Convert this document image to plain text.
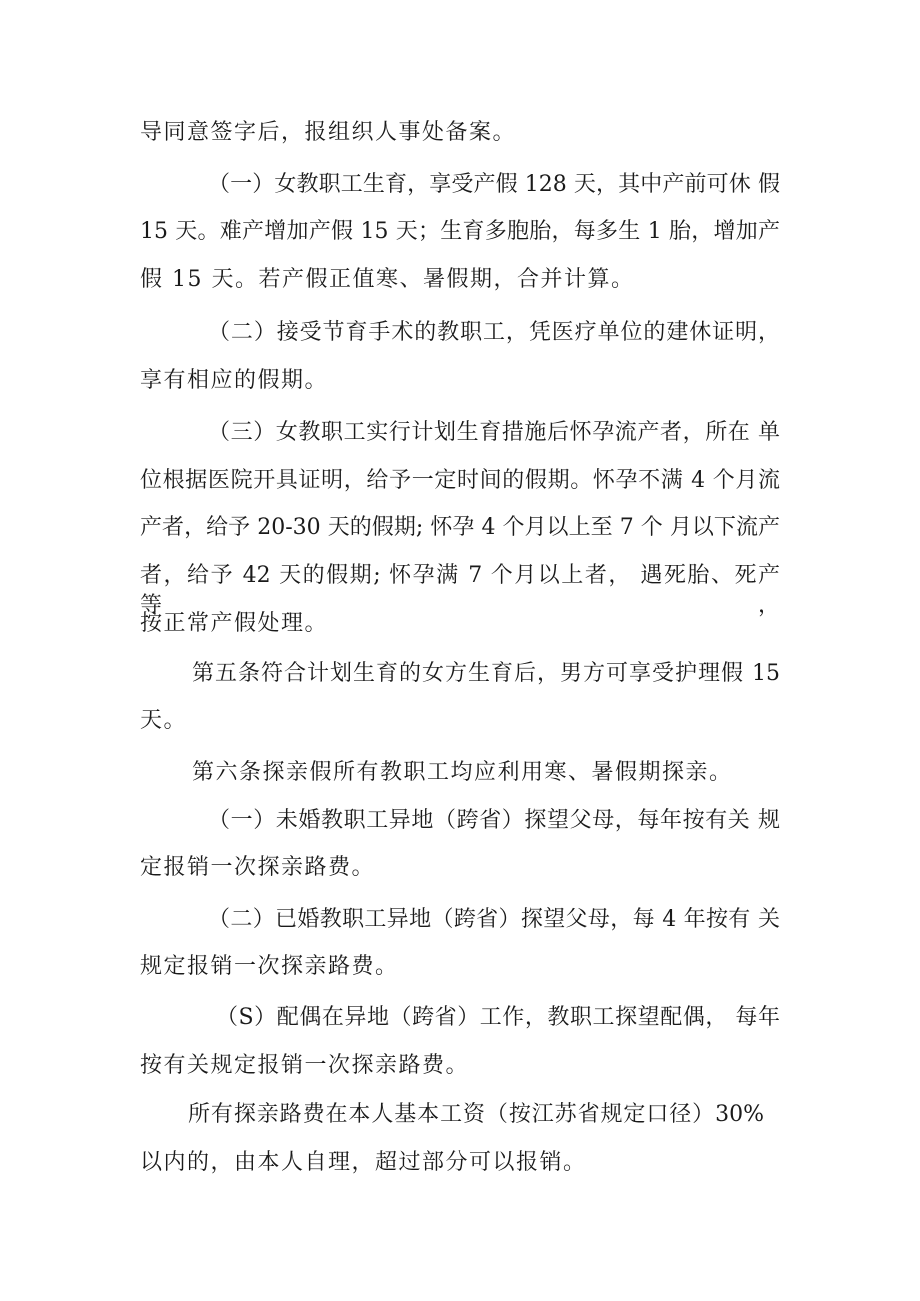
导同意签字后，报组织人事处备案。
（一）女教职工生育，享受产假 128 天，其中产前可休 假
15 天。难产增加产假 15 天；生育多胞胎，每多生 1 胎，增加产
假 15 天。若产假正值寒、暑假期，合并计算。
（二）接受节育手术的教职工，凭医疗单位的建休证明，
享有相应的假期。
（三）女教职工实行计划生育措施后怀孕流产者，所在 单
位根据医院开具证明，给予一定时间的假期。怀孕不满 4 个月流
产者，给予 20-30 天的假期; 怀孕 4 个月以上至 7 个 月以下流产
者，给予 42 天的假期; 怀孕满 7 个月以上者， 遇死胎、死产等，
按正常产假处理。
第五条符合计划生育的女方生育后，男方可享受护理假 15
天。
第六条探亲假所有教职工均应利用寒、暑假期探亲。
（一）未婚教职工异地（跨省）探望父母，每年按有关 规
定报销一次探亲路费。
（二）已婚教职工异地（跨省）探望父母，每 4 年按有 关
规定报销一次探亲路费。
（S）配偶在异地（跨省）工作，教职工探望配偶， 每年
按有关规定报销一次探亲路费。
所有探亲路费在本人基本工资（按江苏省规定口径）30%
以内的，由本人自理，超过部分可以报销。
